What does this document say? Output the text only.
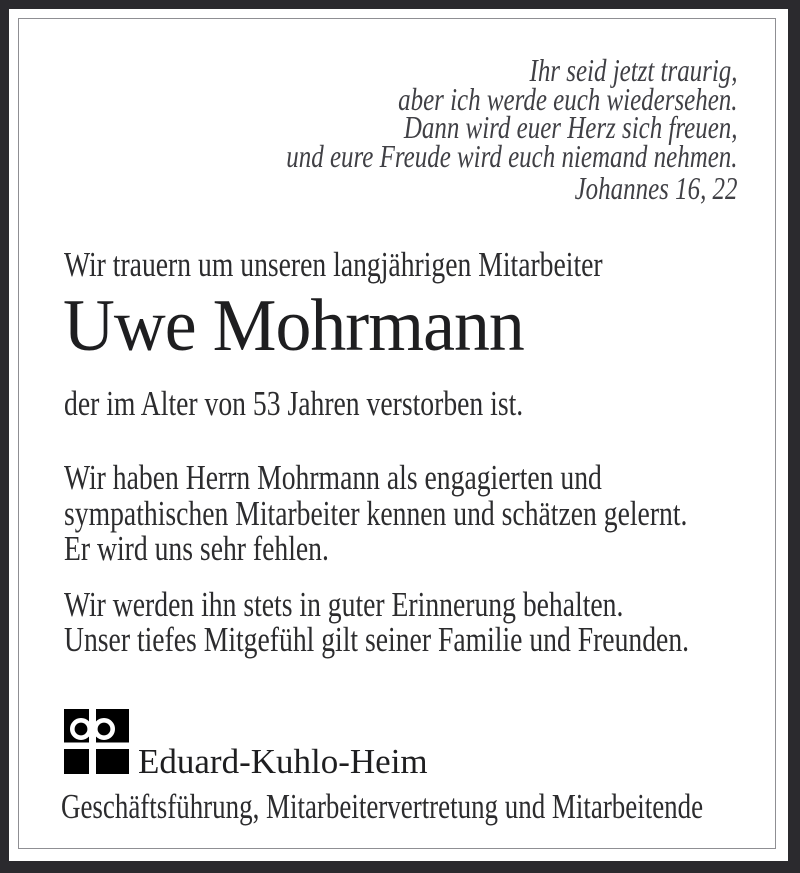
Ihr seid jetzt traurig,
aber ich werde euch wiedersehen.
Dann wird euer Herz sich freuen,
und eure Freude wird euch niemand nehmen.
Johannes 16, 22
Wir trauern um unseren langjährigen Mitarbeiter
Uwe Mohrmann
der im Alter von 53 Jahren verstorben ist.
Wir haben Herrn Mohrmann als engagierten und
sympathischen Mitarbeiter kennen und schätzen gelernt.
Er wird uns sehr fehlen.
Wir werden ihn stets in guter Erinnerung behalten.
Unser tiefes Mitgefühl gilt seiner Familie und Freunden.
Eduard-Kuhlo-Heim
Geschäftsführung, Mitarbeitervertretung und Mitarbeitende
